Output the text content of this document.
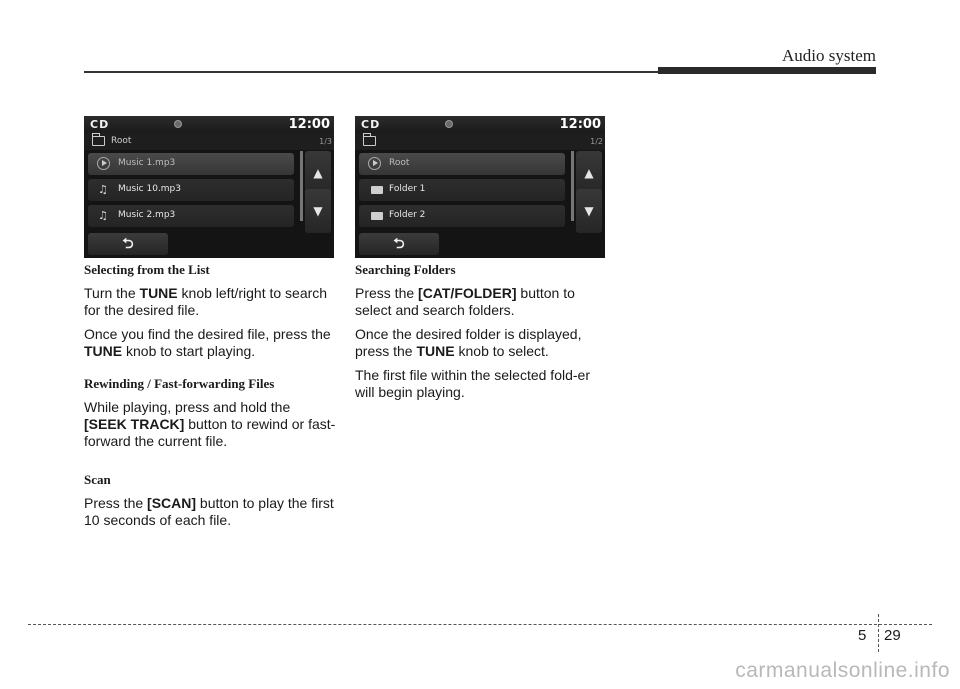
Audio system
CD	12:00
Root	1/3
Music 1.mp3
♫ Music 10.mp3
♫ Music 2.mp3
▲
▼
⮌
CD	12:00
1/2
Root
Folder 1
Folder 2
▲
▼
⮌
Selecting from the List

Turn the TUNE knob left/right to search for the desired file.

Once you find the desired file, press the TUNE knob to start playing.

Rewinding / Fast-forwarding Files

While playing, press and hold the [SEEK TRACK] button to rewind or fast-forward the current file.

Scan

Press the [SCAN] button to play the first 10 seconds of each file.

Searching Folders

Press the [CAT/FOLDER] button to select and search folders.

Once the desired folder is displayed, press the TUNE knob to select.

The first file within the selected fold-er will begin playing.

5 29
carmanualsonline.info
